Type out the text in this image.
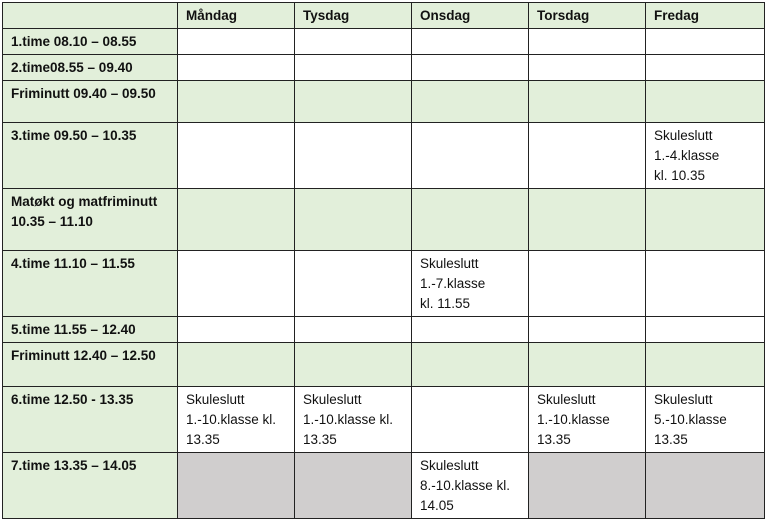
	Måndag	Tysdag	Onsdag	Torsdag	Fredag
1.time 08.10 – 08.55					
2.time08.55 – 09.40					
Friminutt 09.40 – 09.50					
3.time 09.50 – 10.35					Skuleslutt
1.-4.klasse
kl. 10.35
Matøkt og matfriminutt
10.35 – 11.10					
4.time 11.10 – 11.55			Skuleslutt
1.-7.klasse
kl. 11.55		
5.time 11.55 – 12.40					
Friminutt 12.40 – 12.50					
6.time 12.50 - 13.35	Skuleslutt
1.-10.klasse kl.
13.35	Skuleslutt
1.-10.klasse kl.
13.35		Skuleslutt
1.-10.klasse
13.35	Skuleslutt
5.-10.klasse
13.35
7.time 13.35 – 14.05			Skuleslutt
8.-10.klasse kl.
14.05		
